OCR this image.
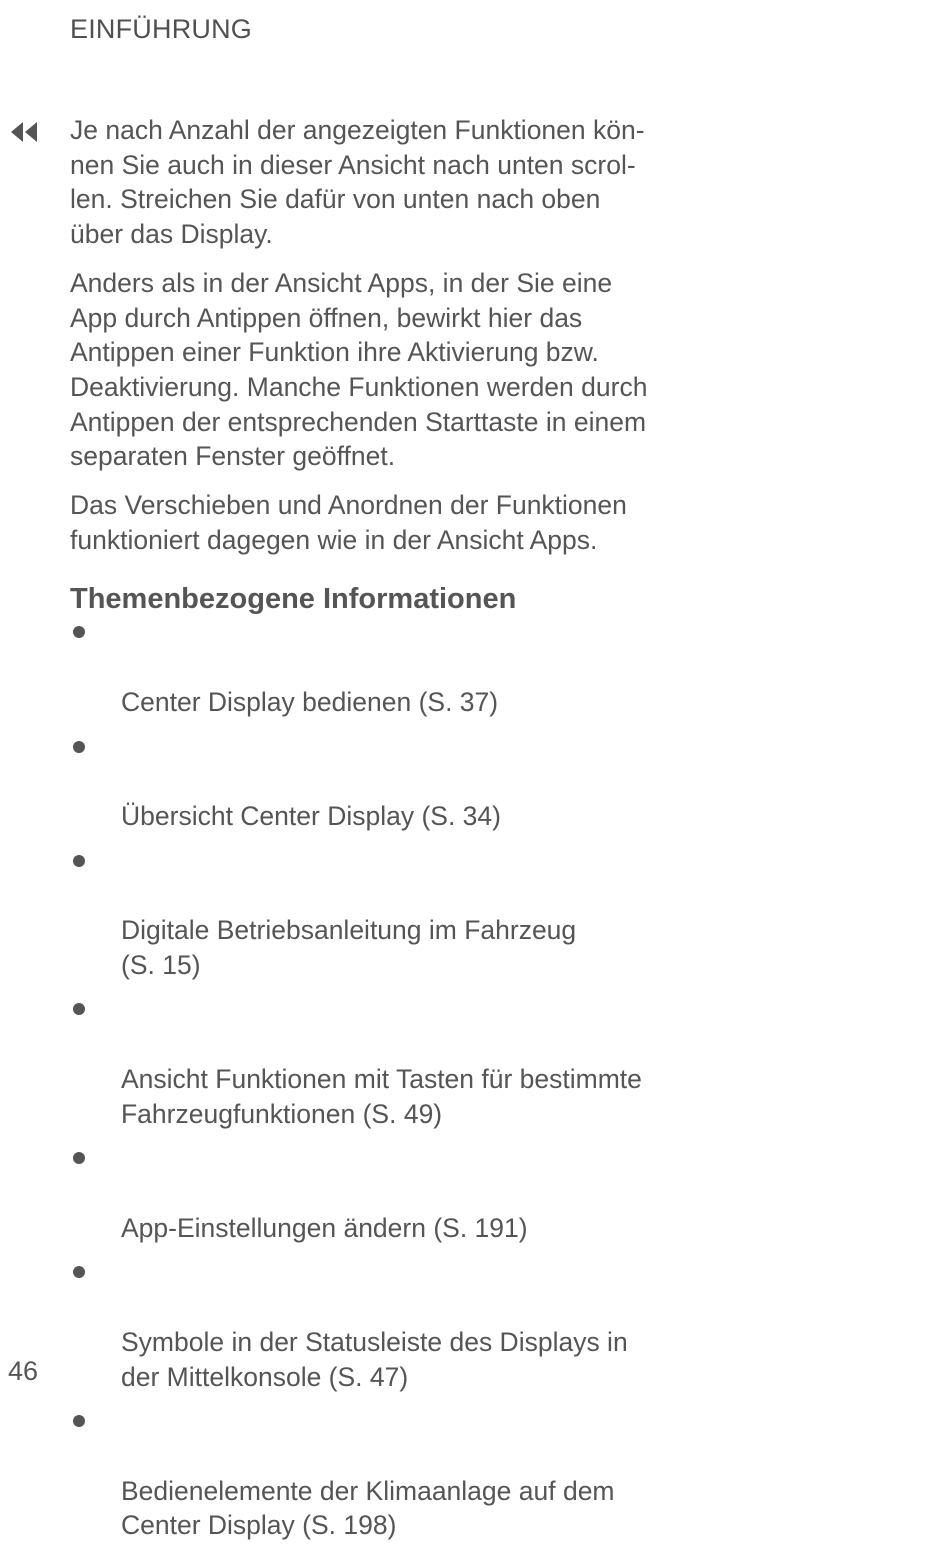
EINFÜHRUNG

Je nach Anzahl der angezeigten Funktionen kön-
nen Sie auch in dieser Ansicht nach unten scrol-
len. Streichen Sie dafür von unten nach oben
über das Display.

Anders als in der Ansicht Apps, in der Sie eine
App durch Antippen öffnen, bewirkt hier das
Antippen einer Funktion ihre Aktivierung bzw.
Deaktivierung. Manche Funktionen werden durch
Antippen der entsprechenden Starttaste in einem
separaten Fenster geöffnet.

Das Verschieben und Anordnen der Funktionen
funktioniert dagegen wie in der Ansicht Apps.

Themenbezogene Informationen

Center Display bedienen (S. 37)

Übersicht Center Display (S. 34)

Digitale Betriebsanleitung im Fahrzeug
(S. 15)

Ansicht Funktionen mit Tasten für bestimmte
Fahrzeugfunktionen (S. 49)

App-Einstellungen ändern (S. 191)

Symbole in der Statusleiste des Displays in
der Mittelkonsole (S. 47)

Bedienelemente der Klimaanlage auf dem
Center Display (S. 198)

46
